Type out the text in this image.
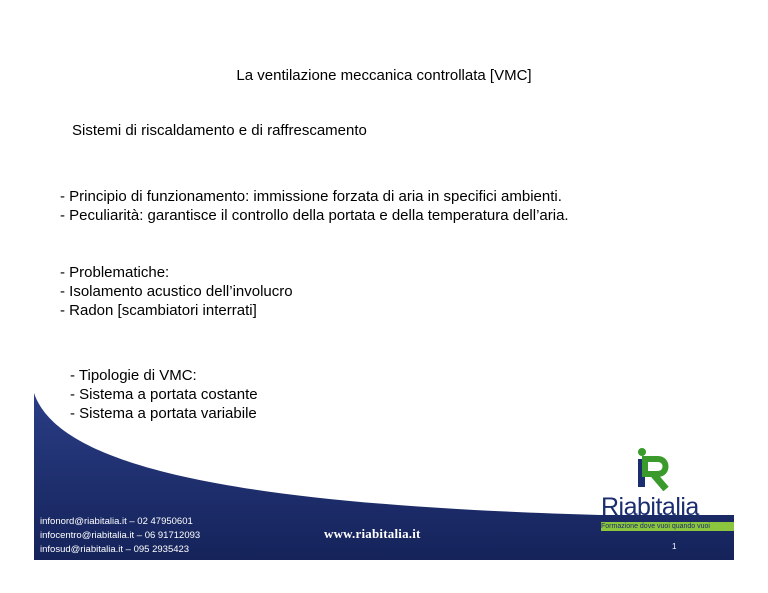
La ventilazione meccanica controllata [VMC]
Sistemi di riscaldamento e di raffrescamento
- Principio di funzionamento: immissione forzata di aria in specifici ambienti.
- Peculiarità: garantisce il controllo della portata e della temperatura dell’aria.
- Problematiche:
- Isolamento acustico dell’involucro
- Radon [scambiatori interrati]
- Tipologie di VMC:
- Sistema a portata costante
- Sistema a portata variabile
infonord@riabitalia.it – 02 47950601
infocentro@riabitalia.it – 06 91712093
infosud@riabitalia.it – 095 2935423
www.riabitalia.it
Riabitalia
Formazione dove vuoi quando vuoi
1
